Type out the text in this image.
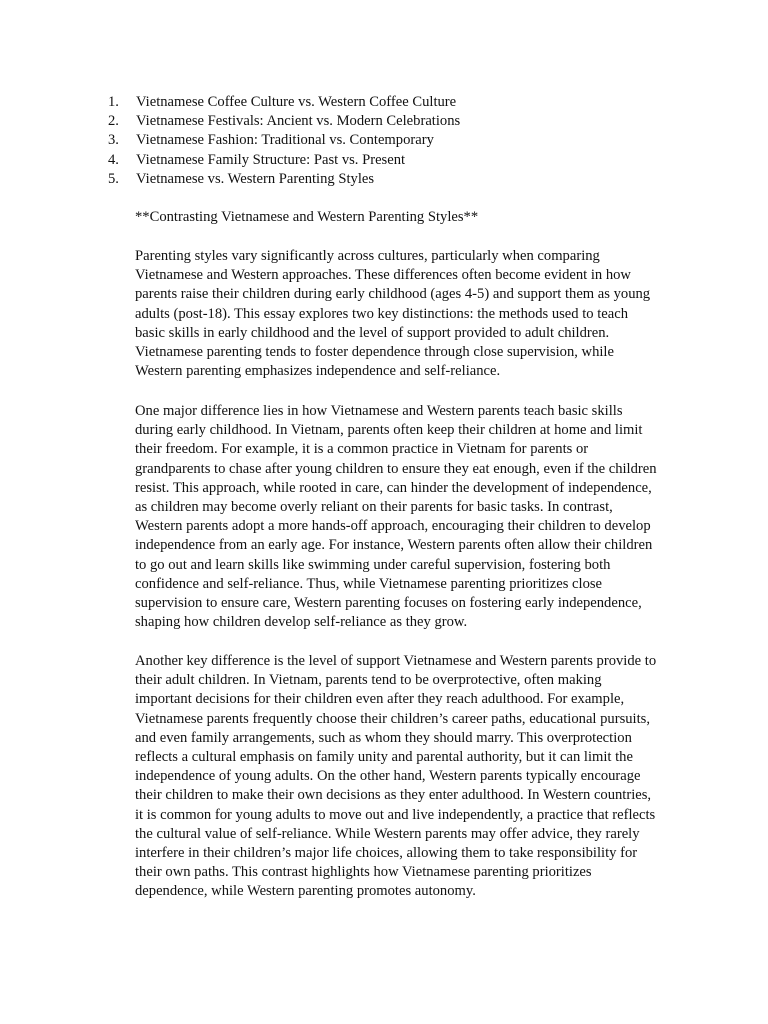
1.	Vietnamese Coffee Culture vs. Western Coffee Culture
2.	Vietnamese Festivals: Ancient vs. Modern Celebrations
3.	Vietnamese Fashion: Traditional vs. Contemporary
4.	Vietnamese Family Structure: Past vs. Present
5.	Vietnamese vs. Western Parenting Styles
**Contrasting Vietnamese and Western Parenting Styles**

Parenting styles vary significantly across cultures, particularly when comparing
Vietnamese and Western approaches. These differences often become evident in how
parents raise their children during early childhood (ages 4-5) and support them as young
adults (post-18). This essay explores two key distinctions: the methods used to teach
basic skills in early childhood and the level of support provided to adult children.
Vietnamese parenting tends to foster dependence through close supervision, while
Western parenting emphasizes independence and self-reliance.

One major difference lies in how Vietnamese and Western parents teach basic skills
during early childhood. In Vietnam, parents often keep their children at home and limit
their freedom. For example, it is a common practice in Vietnam for parents or
grandparents to chase after young children to ensure they eat enough, even if the children
resist. This approach, while rooted in care, can hinder the development of independence,
as children may become overly reliant on their parents for basic tasks. In contrast,
Western parents adopt a more hands-off approach, encouraging their children to develop
independence from an early age. For instance, Western parents often allow their children
to go out and learn skills like swimming under careful supervision, fostering both
confidence and self-reliance. Thus, while Vietnamese parenting prioritizes close
supervision to ensure care, Western parenting focuses on fostering early independence,
shaping how children develop self-reliance as they grow.

Another key difference is the level of support Vietnamese and Western parents provide to
their adult children. In Vietnam, parents tend to be overprotective, often making
important decisions for their children even after they reach adulthood. For example,
Vietnamese parents frequently choose their children’s career paths, educational pursuits,
and even family arrangements, such as whom they should marry. This overprotection
reflects a cultural emphasis on family unity and parental authority, but it can limit the
independence of young adults. On the other hand, Western parents typically encourage
their children to make their own decisions as they enter adulthood. In Western countries,
it is common for young adults to move out and live independently, a practice that reflects
the cultural value of self-reliance. While Western parents may offer advice, they rarely
interfere in their children’s major life choices, allowing them to take responsibility for
their own paths. This contrast highlights how Vietnamese parenting prioritizes
dependence, while Western parenting promotes autonomy.
